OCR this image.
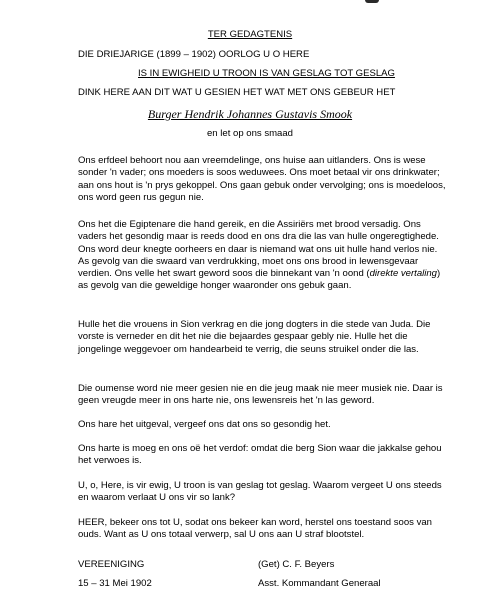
TER GEDAGTENIS
DIE DRIEJARIGE (1899 – 1902) OORLOG U O HERE
IS IN EWIGHEID U TROON IS VAN GESLAG TOT GESLAG
DINK HERE AAN DIT WAT U GESIEN HET WAT MET ONS GEBEUR HET
Burger Hendrik Johannes Gustavis Smook
en let op ons smaad

Ons erfdeel behoort nou aan vreemdelinge, ons huise aan uitlanders. Ons is wese
sonder 'n vader; ons moeders is soos weduwees. Ons moet betaal vir ons drinkwater;
aan ons hout is 'n prys gekoppel. Ons gaan gebuk onder vervolging; ons is moedeloos,
ons word geen rus gegun nie.

Ons het die Egiptenare die hand gereik, en die Assiriërs met brood versadig. Ons
vaders het gesondig maar is reeds dood en ons dra die las van hulle ongeregtighede.
Ons word deur knegte oorheers en daar is niemand wat ons uit hulle hand verlos nie.
As gevolg van die swaard van verdrukking, moet ons ons brood in lewensgevaar
verdien. Ons velle het swart geword soos die binnekant van 'n oond (direkte vertaling)
as gevolg van die geweldige honger waaronder ons gebuk gaan.

Hulle het die vrouens in Sion verkrag en die jong dogters in die stede van Juda. Die
vorste is verneder en dit het nie die bejaardes gespaar gebly nie. Hulle het die
jongelinge weggevoer om handearbeid te verrig, die seuns struikel onder die las.

Die oumense word nie meer gesien nie en die jeug maak nie meer musiek nie. Daar is
geen vreugde meer in ons harte nie, ons lewensreis het 'n las geword.

Ons hare het uitgeval, vergeef ons dat ons so gesondig het.

Ons harte is moeg en ons oë het verdof: omdat die berg Sion waar die jakkalse gehou
het verwoes is.

U, o, Here, is vir ewig, U troon is van geslag tot geslag. Waarom vergeet U ons steeds
en waarom verlaat U ons vir so lank?

HEER, bekeer ons tot U, sodat ons bekeer kan word, herstel ons toestand soos van
ouds. Want as U ons totaal verwerp, sal U ons aan U straf blootstel.

VEREENIGING	(Get) C. F. Beyers
15 – 31 Mei 1902	Asst. Kommandant Generaal
